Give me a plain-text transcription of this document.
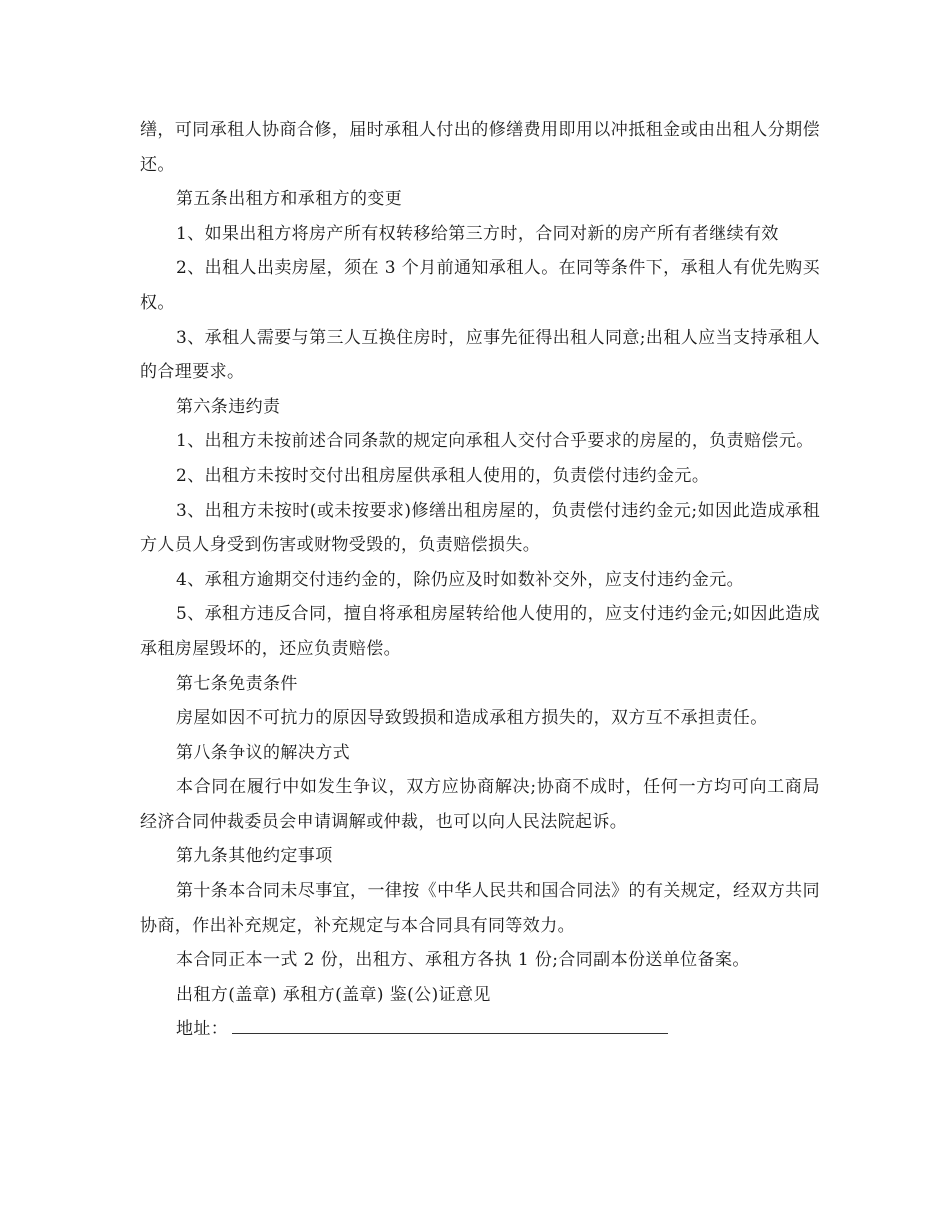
缮，可同承租人协商合修，届时承租人付出的修缮费用即用以冲抵租金或由出租人分期偿还。

第五条出租方和承租方的变更

1、如果出租方将房产所有权转移给第三方时，合同对新的房产所有者继续有效

2、出租人出卖房屋，须在 3 个月前通知承租人。在同等条件下，承租人有优先购买权。

3、承租人需要与第三人互换住房时，应事先征得出租人同意;出租人应当支持承租人的合理要求。

第六条违约责

1、出租方未按前述合同条款的规定向承租人交付合乎要求的房屋的，负责赔偿元。

2、出租方未按时交付出租房屋供承租人使用的，负责偿付违约金元。

3、出租方未按时(或未按要求)修缮出租房屋的，负责偿付违约金元;如因此造成承租方人员人身受到伤害或财物受毁的，负责赔偿损失。

4、承租方逾期交付违约金的，除仍应及时如数补交外，应支付违约金元。

5、承租方违反合同，擅自将承租房屋转给他人使用的，应支付违约金元;如因此造成承租房屋毁坏的，还应负责赔偿。

第七条免责条件

房屋如因不可抗力的原因导致毁损和造成承租方损失的，双方互不承担责任。

第八条争议的解决方式

本合同在履行中如发生争议，双方应协商解决;协商不成时，任何一方均可向工商局经济合同仲裁委员会申请调解或仲裁，也可以向人民法院起诉。

第九条其他约定事项

第十条本合同未尽事宜，一律按《中华人民共和国合同法》的有关规定，经双方共同协商，作出补充规定，补充规定与本合同具有同等效力。

本合同正本一式 2 份，出租方、承租方各执 1 份;合同副本份送单位备案。

出租方(盖章) 承租方(盖章) 鉴(公)证意见

地址：
